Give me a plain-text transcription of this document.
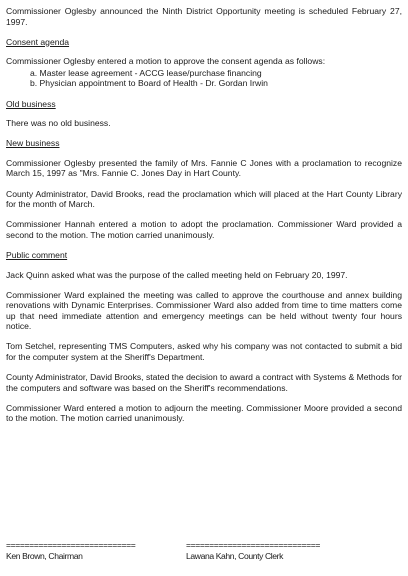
Commissioner Oglesby announced the Ninth District Opportunity meeting is scheduled February 27, 1997.

Consent agenda

Commissioner Oglesby entered a motion to approve the consent agenda as follows:

a. Master lease agreement - ACCG lease/purchase financing
b. Physician appointment to Board of Health - Dr. Gordan Irwin

Old business

There was no old business.

New business

Commissioner Oglesby presented the family of Mrs. Fannie C Jones with a proclamation to recognize March 15, 1997 as "Mrs. Fannie C. Jones Day in Hart County.

County Administrator, David Brooks, read the proclamation which will placed at the Hart County Library for the month of March.

Commissioner Hannah entered a motion to adopt the proclamation. Commissioner Ward provided a second to the motion. The motion carried unanimously.

Public comment

Jack Quinn asked what was the purpose of the called meeting held on February 20, 1997.

Commissioner Ward explained the meeting was called to approve the courthouse and annex building renovations with Dynamic Enterprises. Commissioner Ward also added from time to time matters come up that need immediate attention and emergency meetings can be held without twenty four hours notice.

Tom Setchel, representing TMS Computers, asked why his company was not contacted to submit a bid for the computer system at the Sheriff's Department.

County Administrator, David Brooks, stated the decision to award a contract with Systems & Methods for the computers and software was based on the Sheriff's recommendations.

Commissioner Ward entered a motion to adjourn the meeting. Commissioner Moore provided a second to the motion. The motion carried unanimously.

============================
Ken Brown, Chairman
=============================
Lawana Kahn, County Clerk
